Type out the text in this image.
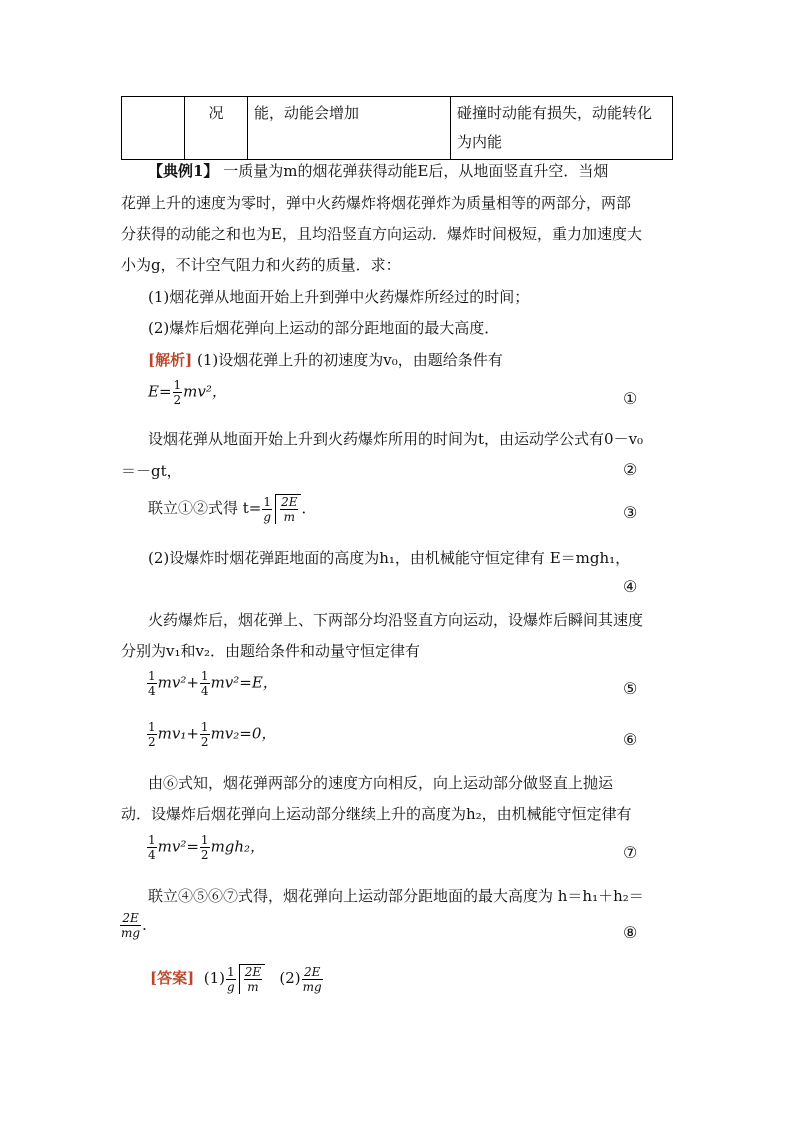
	况	能，动能会增加	碰撞时动能有损失，动能转化
为内能
【典例1】 一质量为m的烟花弹获得动能E后，从地面竖直升空．当烟
花弹上升的速度为零时，弹中火药爆炸将烟花弹炸为质量相等的两部分，两部
分获得的动能之和也为E，且均沿竖直方向运动．爆炸时间极短，重力加速度大
小为g，不计空气阻力和火药的质量．求：
(1)烟花弹从地面开始上升到弹中火药爆炸所经过的时间；
(2)爆炸后烟花弹向上运动的部分距地面的最大高度．
[解析] (1)设烟花弹上升的初速度为v₀，由题给条件有
$E= \frac{1}{2} mv^2$，	①
设烟花弹从地面开始上升到火药爆炸所用的时间为t，由运动学公式有0－v₀
＝－gt，	②
联立①②式得 $t= \frac{1}{g} \frac{2E}{m}$ ．	③
(2)设爆炸时烟花弹距地面的高度为h₁，由机械能守恒定律有 E＝mgh₁，
④
火药爆炸后，烟花弹上、下两部分均沿竖直方向运动，设爆炸后瞬间其速度
分别为v₁和v₂．由题给条件和动量守恒定律有
$\frac{1}{4} mv^2+ \frac{1}{4} mv^2=E$，	⑤
$\frac{1}{2} mv_1+ \frac{1}{2} mv_2=0$，	⑥
由⑥式知，烟花弹两部分的速度方向相反，向上运动部分做竖直上抛运
动．设爆炸后烟花弹向上运动部分继续上升的高度为h₂，由机械能守恒定律有
$\frac{1}{4} mv^2= \frac{1}{2} mgh_2$，	⑦
联立④⑤⑥⑦式得，烟花弹向上运动部分距地面的最大高度为 h＝h₁＋h₂＝
$\frac{2E}{mg}$ ．	⑧
[答案] $(1) \frac{1}{g} \frac{2E}{m} (2) \frac{2E}{mg}$
